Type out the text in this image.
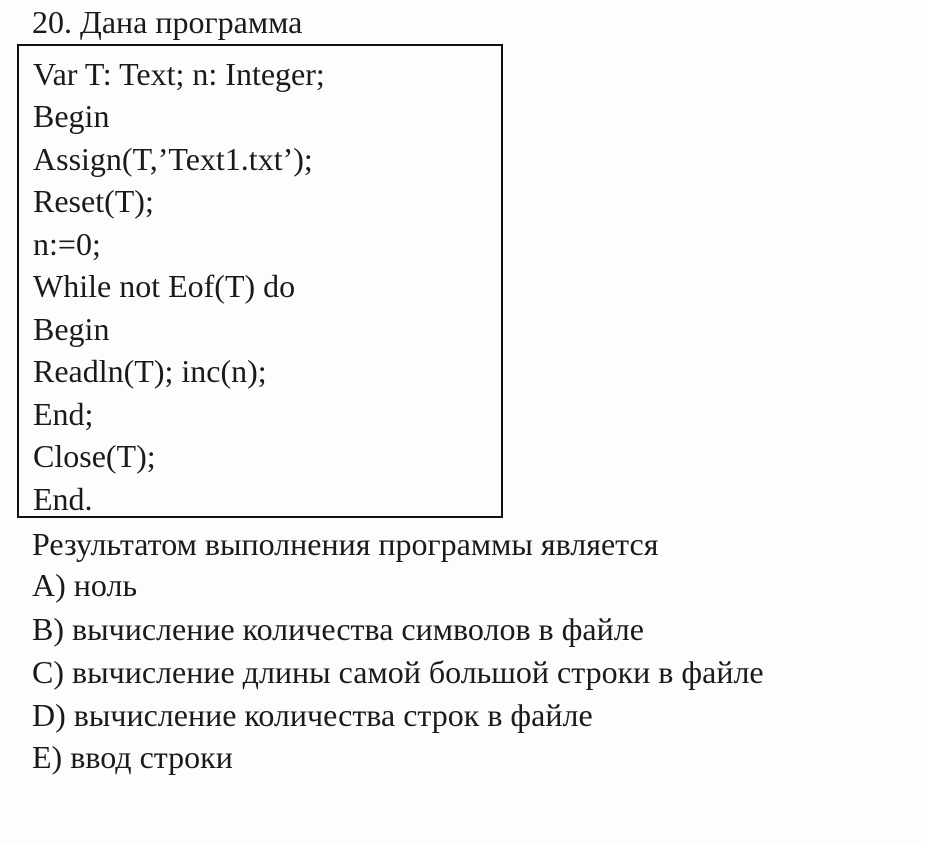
20. Дана программа
Var T: Text; n: Integer;
Begin
Assign(T,’Text1.txt’);
Reset(T);
n:=0;
While not Eof(T) do
Begin
Readln(T); inc(n);
End;
Close(T);
End.
Результатом выполнения программы является
A) ноль
B) вычисление количества символов в файле
C) вычисление длины самой большой строки в файле
D) вычисление количества строк в файле
E) ввод строки
